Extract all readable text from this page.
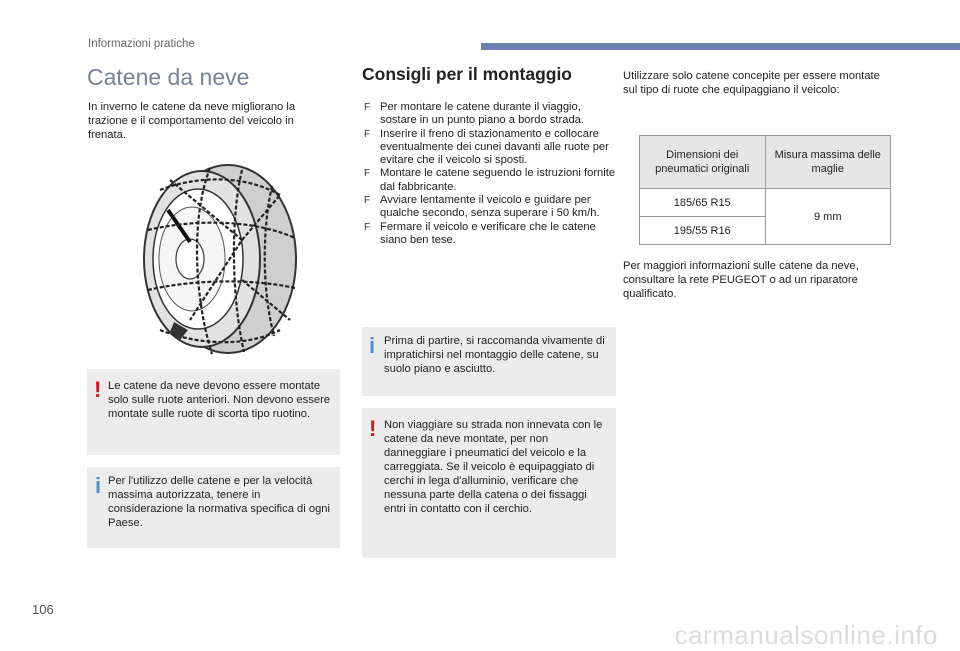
Informazioni pratiche
Catene da neve
In inverno le catene da neve migliorano la trazione e il comportamento del veicolo in frenata.
! Le catene da neve devono essere montate solo sulle ruote anteriori. Non devono essere montate sulle ruote di scorta tipo ruotino.
i Per l'utilizzo delle catene e per la velocità massima autorizzata, tenere in considerazione la normativa specifica di ogni Paese.
Consigli per il montaggio
F Per montare le catene durante il viaggio, sostare in un punto piano a bordo strada.
F Inserire il freno di stazionamento e collocare eventualmente dei cunei davanti alle ruote per evitare che il veicolo si sposti.
F Montare le catene seguendo le istruzioni fornite dal fabbricante.
F Avviare lentamente il veicolo e guidare per qualche secondo, senza superare i 50 km/h.
F Fermare il veicolo e verificare che le catene siano ben tese.
i Prima di partire, si raccomanda vivamente di impratichirsi nel montaggio delle catene, su suolo piano e asciutto.
! Non viaggiare su strada non innevata con le catene da neve montate, per non danneggiare i pneumatici del veicolo e la carreggiata. Se il veicolo è equipaggiato di cerchi in lega d'alluminio, verificare che nessuna parte della catena o dei fissaggi entri in contatto con il cerchio.
Utilizzare solo catene concepite per essere montate sul tipo di ruote che equipaggiano il veicolo:
Dimensioni dei pneumatici originali	Misura massima delle maglie
185/65 R15	9 mm
195/55 R16	
Per maggiori informazioni sulle catene da neve, consultare la rete PEUGEOT o ad un riparatore qualificato.
106
carmanualsonline.info
